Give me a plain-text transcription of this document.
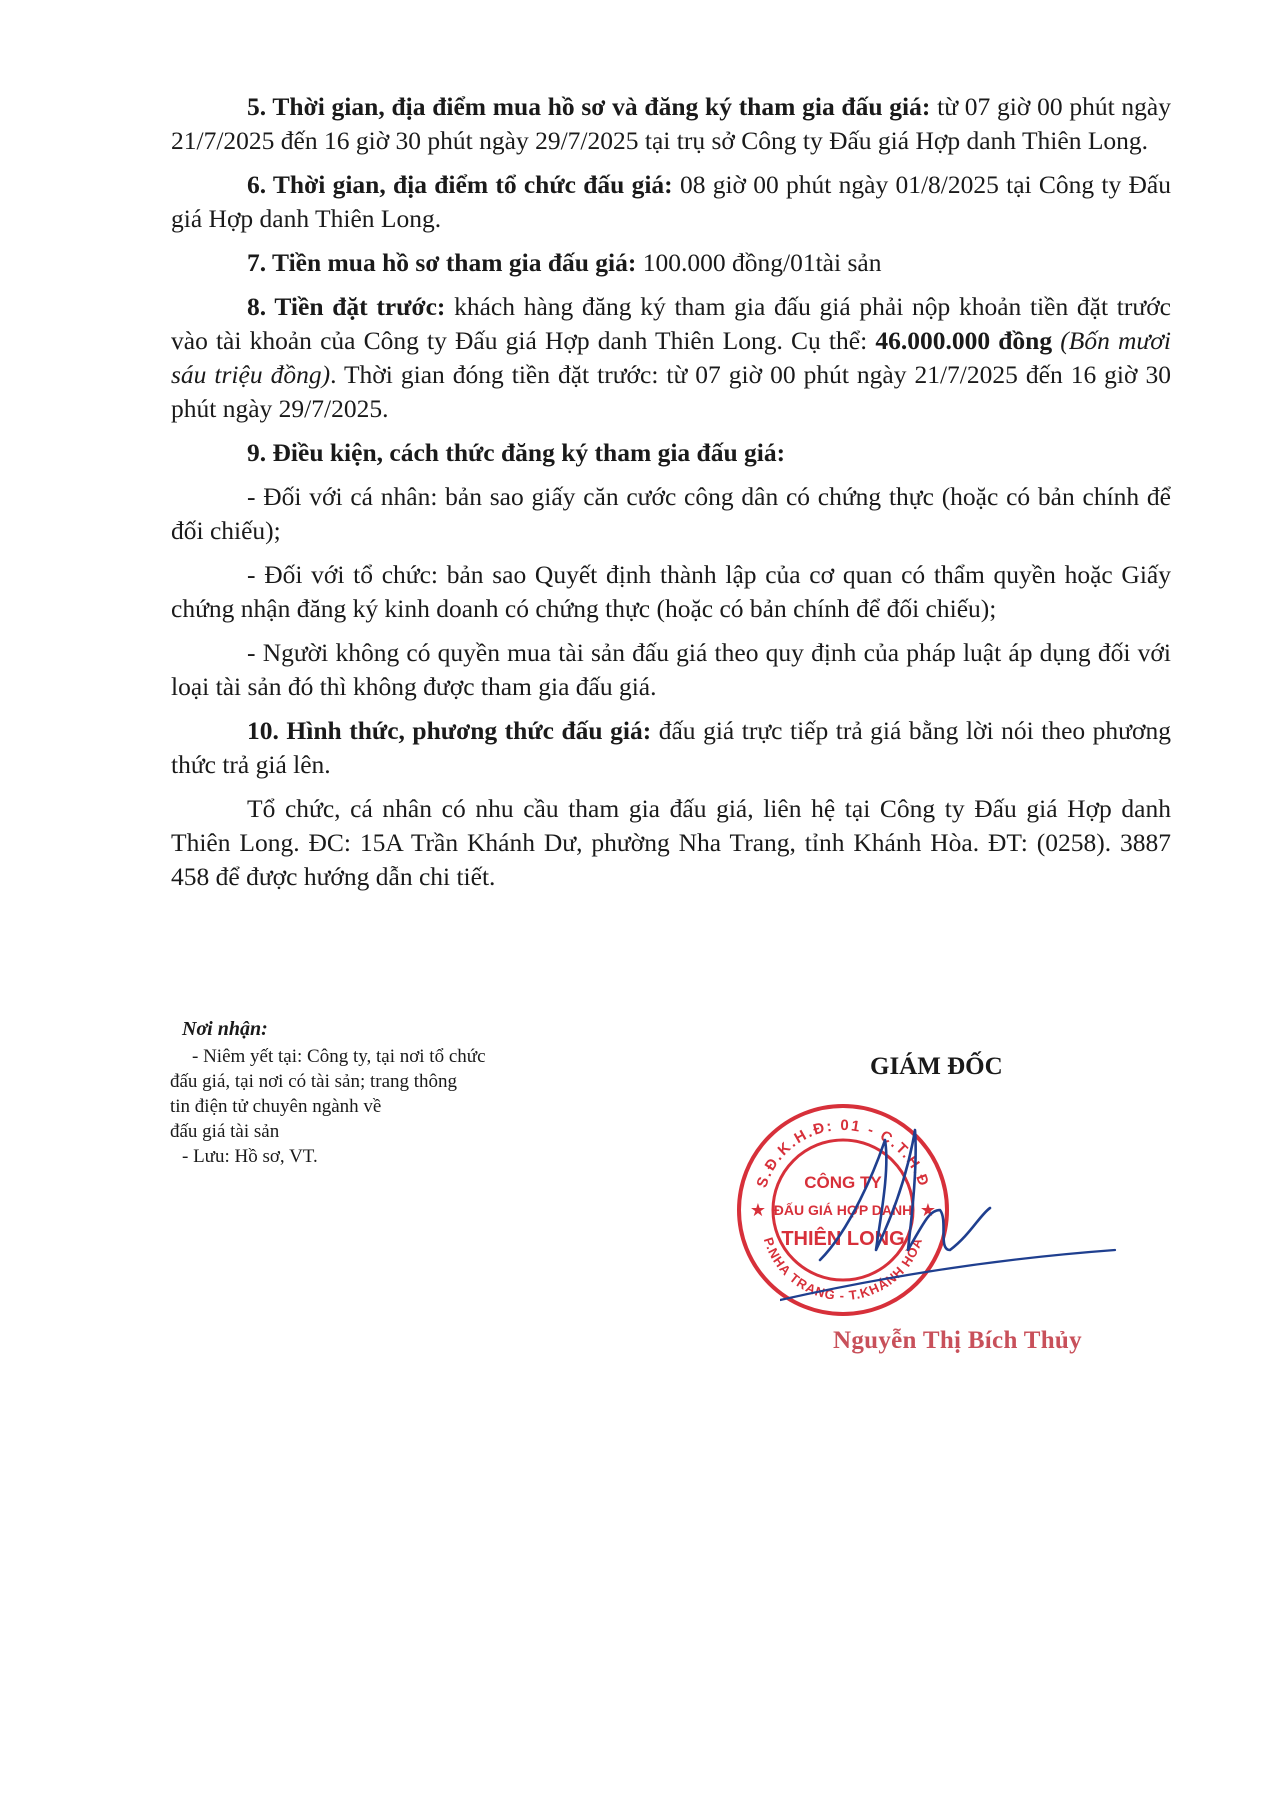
5. Thời gian, địa điểm mua hồ sơ và đăng ký tham gia đấu giá: từ 07 giờ 00 phút ngày 21/7/2025 đến 16 giờ 30 phút ngày 29/7/2025 tại trụ sở Công ty Đấu giá Hợp danh Thiên Long.

6. Thời gian, địa điểm tổ chức đấu giá: 08 giờ 00 phút ngày 01/8/2025 tại Công ty Đấu giá Hợp danh Thiên Long.

7. Tiền mua hồ sơ tham gia đấu giá: 100.000 đồng/01tài sản

8. Tiền đặt trước: khách hàng đăng ký tham gia đấu giá phải nộp khoản tiền đặt trước vào tài khoản của Công ty Đấu giá Hợp danh Thiên Long. Cụ thể: 46.000.000 đồng (Bốn mươi sáu triệu đồng). Thời gian đóng tiền đặt trước: từ 07 giờ 00 phút ngày 21/7/2025 đến 16 giờ 30 phút ngày 29/7/2025.

9. Điều kiện, cách thức đăng ký tham gia đấu giá:

- Đối với cá nhân: bản sao giấy căn cước công dân có chứng thực (hoặc có bản chính để đối chiếu);

- Đối với tổ chức: bản sao Quyết định thành lập của cơ quan có thẩm quyền hoặc Giấy chứng nhận đăng ký kinh doanh có chứng thực (hoặc có bản chính để đối chiếu);

- Người không có quyền mua tài sản đấu giá theo quy định của pháp luật áp dụng đối với loại tài sản đó thì không được tham gia đấu giá.

10. Hình thức, phương thức đấu giá: đấu giá trực tiếp trả giá bằng lời nói theo phương thức trả giá lên.

Tổ chức, cá nhân có nhu cầu tham gia đấu giá, liên hệ tại Công ty Đấu giá Hợp danh Thiên Long. ĐC: 15A Trần Khánh Dư, phường Nha Trang, tỉnh Khánh Hòa. ĐT: (0258). 3887 458 để được hướng dẫn chi tiết.

Nơi nhận:

- Niêm yết tại: Công ty, tại nơi tổ chức

đấu giá, tại nơi có tài sản; trang thông

tin điện tử chuyên ngành về

đấu giá tài sản

- Lưu: Hồ sơ, VT.

GIÁM ĐỐC
S.Đ.K.H.Đ: 01 - C.T.H.Đ
P.NHA TRANG - T.KHÁNH HÒA
★	★
CÔNG TY
ĐẤU GIÁ HỢP DANH
THIÊN LONG
Nguyễn Thị Bích Thủy
